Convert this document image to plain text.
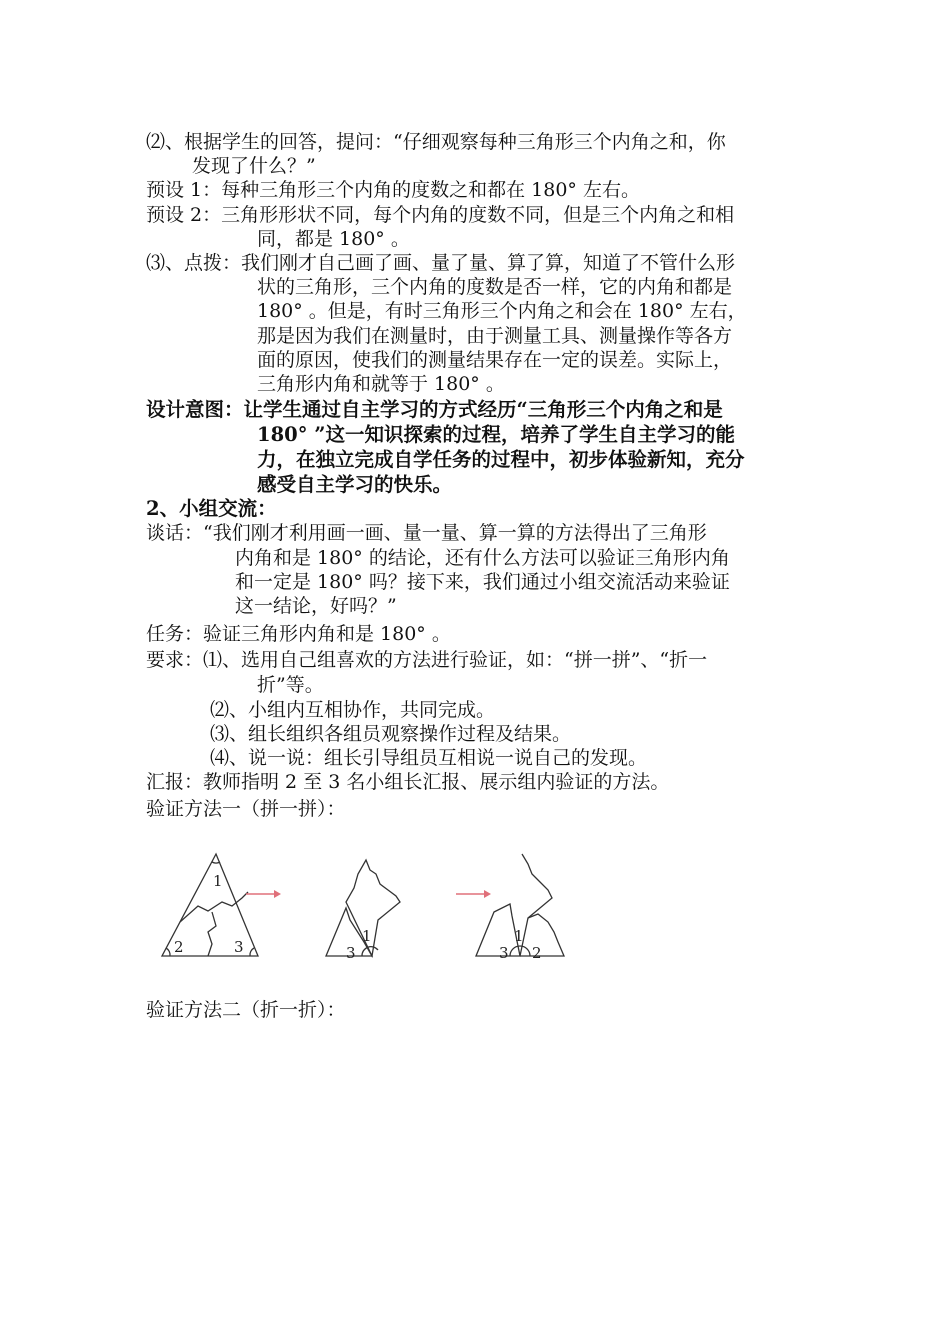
⑵、根据学生的回答，提问：“仔细观察每种三角形三个内角之和，你
发现了什么？”
预设 1：每种三角形三个内角的度数之和都在 180° 左右。
预设 2：三角形形状不同，每个内角的度数不同，但是三个内角之和相
同，都是 180° 。
⑶、点拨：我们刚才自己画了画、量了量、算了算，知道了不管什么形
状的三角形，三个内角的度数是否一样，它的内角和都是
180° 。但是，有时三角形三个内角之和会在 180° 左右，
那是因为我们在测量时，由于测量工具、测量操作等各方
面的原因，使我们的测量结果存在一定的误差。实际上，
三角形内角和就等于 180° 。
设计意图：让学生通过自主学习的方式经历“三角形三个内角之和是
180° ”这一知识探索的过程，培养了学生自主学习的能
力，在独立完成自学任务的过程中，初步体验新知，充分
感受自主学习的快乐。
2、小组交流：
谈话：“我们刚才利用画一画、量一量、算一算的方法得出了三角形
内角和是 180° 的结论，还有什么方法可以验证三角形内角
和一定是 180° 吗？接下来，我们通过小组交流活动来验证
这一结论，好吗？”
任务：验证三角形内角和是 180° 。
要求：⑴、选用自己组喜欢的方法进行验证，如：“拼一拼”、“折一
折”等。
⑵、小组内互相协作，共同完成。
⑶、组长组织各组员观察操作过程及结果。
⑷、说一说：组长引导组员互相说一说自己的发现。
汇报：教师指明 2 至 3 名小组长汇报、展示组内验证的方法。
验证方法一（拼一拼）：
验证方法二（折一折）：
1
2	3
1
3
1
3 2
